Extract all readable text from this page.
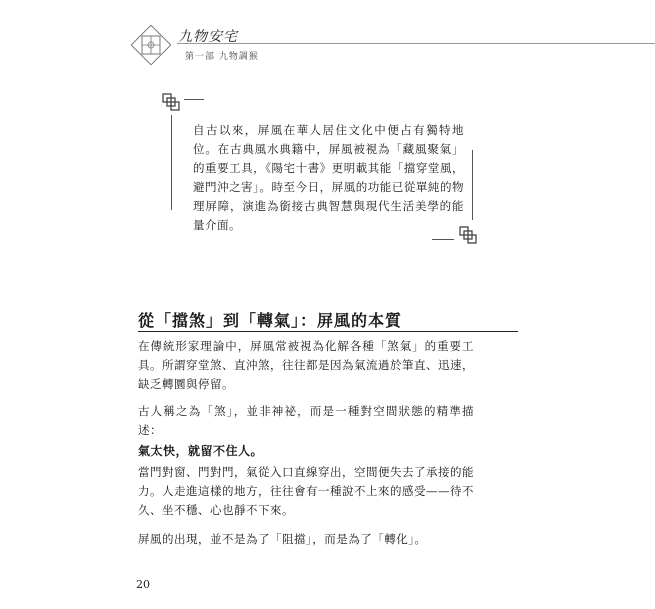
九物安宅
第一部 九物調猴

自古以來，屏風在華人居住文化中便占有獨特地位。在古典風水典籍中，屏風被視為「藏風聚氣」的重要工具，《陽宅十書》更明載其能「擋穿堂風，避門沖之害」。時至今日，屏風的功能已從單純的物理屏障，演進為銜接古典智慧與現代生活美學的能量介面。

從「擋煞」到「轉氣」：屏風的本質

在傳統形家理論中，屏風常被視為化解各種「煞氣」的重要工具。所謂穿堂煞、直沖煞，往往都是因為氣流過於筆直、迅速，缺乏轉圜與停留。

古人稱之為「煞」，並非神祕，而是一種對空間狀態的精準描述：

氣太快，就留不住人。

當門對窗、門對門，氣從入口直線穿出，空間便失去了承接的能力。人走進這樣的地方，往往會有一種說不上來的感受——待不久、坐不穩、心也靜不下來。

屏風的出現，並不是為了「阻擋」，而是為了「轉化」。

20
